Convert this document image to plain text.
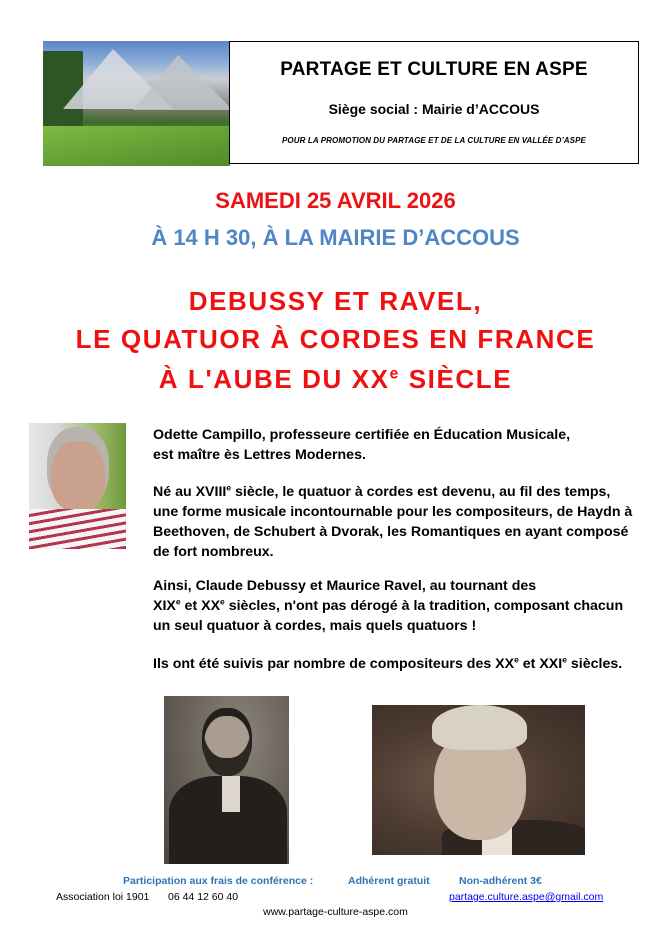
PARTAGE ET CULTURE EN ASPE
Siège social : Mairie d’ACCOUS
POUR LA PROMOTION DU PARTAGE ET DE LA CULTURE EN VALLÉE D’ASPE
SAMEDI 25 AVRIL 2026
À 14 H 30, À LA MAIRIE D’ACCOUS
DEBUSSY ET RAVEL,
LE QUATUOR À CORDES EN FRANCE
À L'AUBE DU XXe SIÈCLE

Odette Campillo, professeure certifiée en Éducation Musicale,

est maître ès Lettres Modernes.

Né au XVIIIe siècle, le quatuor à cordes est devenu, au fil des temps, une forme musicale incontournable pour les compositeurs, de Haydn à Beethoven, de Schubert à Dvorak, les Romantiques en ayant composé de fort nombreux.

Ainsi, Claude Debussy et Maurice Ravel, au tournant des
XIXe et XXe siècles, n'ont pas dérogé à la tradition, composant chacun un seul quatuor à cordes, mais quels quatuors !

Ils ont été suivis par nombre de compositeurs des XXe et XXIe siècles.

Participation aux frais de conférence :	Adhérent gratuit	Non-adhérent 3€
Association loi 1901 06 44 12 60 40	partage.culture.aspe@gmail.com
www.partage-culture-aspe.com
